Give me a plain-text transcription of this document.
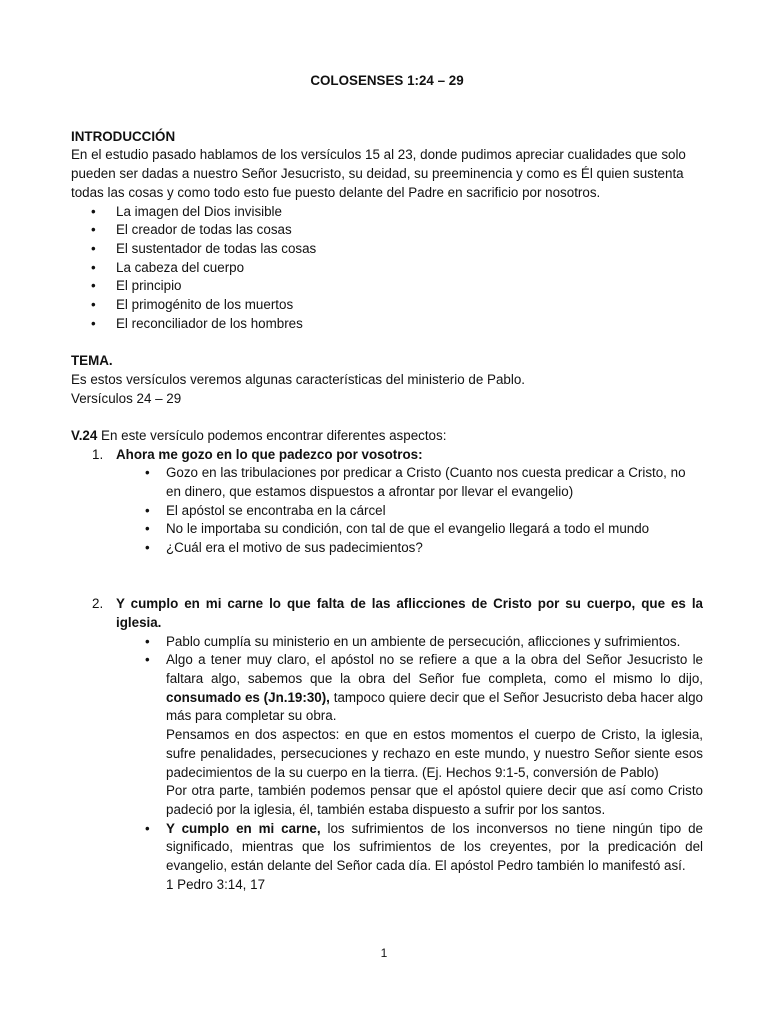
COLOSENSES 1:24 – 29

INTRODUCCIÓN

En el estudio pasado hablamos de los versículos 15 al 23, donde pudimos apreciar cualidades que solo pueden ser dadas a nuestro Señor Jesucristo, su deidad, su preeminencia y como es Él quien sustenta todas las cosas y como todo esto fue puesto delante del Padre en sacrificio por nosotros.

• La imagen del Dios invisible
• El creador de todas las cosas
• El sustentador de todas las cosas
• La cabeza del cuerpo
• El principio
• El primogénito de los muertos
• El reconciliador de los hombres

TEMA.

Es estos versículos veremos algunas características del ministerio de Pablo.

Versículos 24 – 29

V.24 En este versículo podemos encontrar diferentes aspectos:

1. Ahora me gozo en lo que padezco por vosotros:
• Gozo en las tribulaciones por predicar a Cristo (Cuanto nos cuesta predicar a Cristo, no en dinero, que estamos dispuestos a afrontar por llevar el evangelio)
• El apóstol se encontraba en la cárcel
• No le importaba su condición, con tal de que el evangelio llegará a todo el mundo
• ¿Cuál era el motivo de sus padecimientos?
2. Y cumplo en mi carne lo que falta de las aflicciones de Cristo por su cuerpo, que es la iglesia.
• Pablo cumplía su ministerio en un ambiente de persecución, aflicciones y sufrimientos.
• Algo a tener muy claro, el apóstol no se refiere a que a la obra del Señor Jesucristo le faltara algo, sabemos que la obra del Señor fue completa, como el mismo lo dijo, consumado es (Jn.19:30), tampoco quiere decir que el Señor Jesucristo deba hacer algo más para completar su obra.
Pensamos en dos aspectos: en que en estos momentos el cuerpo de Cristo, la iglesia, sufre penalidades, persecuciones y rechazo en este mundo, y nuestro Señor siente esos padecimientos de la su cuerpo en la tierra. (Ej. Hechos 9:1-5, conversión de Pablo)
Por otra parte, también podemos pensar que el apóstol quiere decir que así como Cristo padeció por la iglesia, él, también estaba dispuesto a sufrir por los santos.
• Y cumplo en mi carne, los sufrimientos de los inconversos no tiene ningún tipo de significado, mientras que los sufrimientos de los creyentes, por la predicación del evangelio, están delante del Señor cada día. El apóstol Pedro también lo manifestó así.
1 Pedro 3:14, 17
1
